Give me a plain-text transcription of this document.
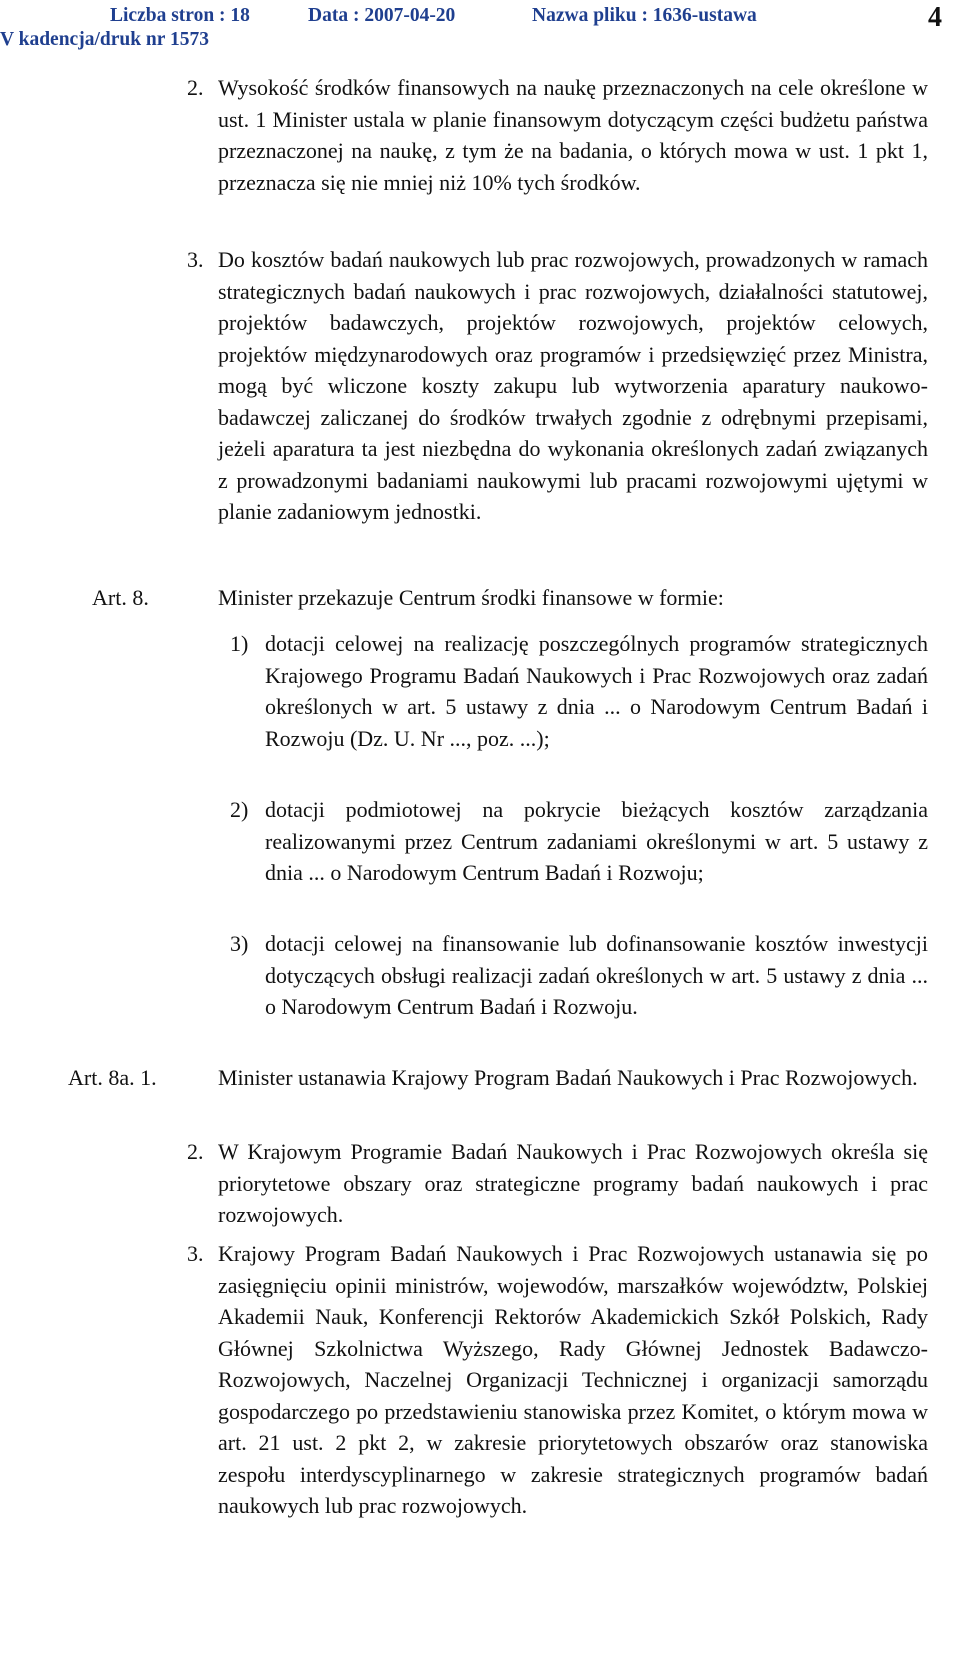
Liczba stron : 18	Data : 2007-04-20	Nazwa pliku : 1636-ustawa
V kadencja/druk nr 1573
4
2. Wysokość środków finansowych na naukę przeznaczonych na cele określone w ust. 1 Minister ustala w planie finansowym dotyczącym części budżetu państwa przeznaczonej na naukę, z tym że na badania, o których mowa w ust. 1 pkt 1, przeznacza się nie mniej niż 10% tych środków.
3. Do kosztów badań naukowych lub prac rozwojowych, prowadzonych w ramach strategicznych badań naukowych i prac rozwojowych, działalności statutowej, projektów badawczych, projektów rozwojowych, projektów celowych, projektów międzynarodowych oraz programów i przedsięwzięć przez Ministra, mogą być wliczone koszty zakupu lub wytworzenia aparatury naukowo-badawczej zaliczanej do środków trwałych zgodnie z odrębnymi przepisami, jeżeli aparatura ta jest niezbędna do wykonania określonych zadań związanych z prowadzonymi badaniami naukowymi lub pracami rozwojowymi ujętymi w planie zadaniowym jednostki.
Art. 8.	Minister przekazuje Centrum środki finansowe w formie:
1) dotacji celowej na realizację poszczególnych programów strategicznych Krajowego Programu Badań Naukowych i Prac Rozwojowych oraz zadań określonych w art. 5 ustawy z dnia ... o Narodowym Centrum Badań i Rozwoju (Dz. U. Nr ..., poz. ...);
2) dotacji podmiotowej na pokrycie bieżących kosztów zarządzania realizowanymi przez Centrum zadaniami określonymi w art. 5 ustawy z dnia ... o Narodowym Centrum Badań i Rozwoju;
3) dotacji celowej na finansowanie lub dofinansowanie kosztów inwestycji dotyczących obsługi realizacji zadań określonych w art. 5 ustawy z dnia ... o Narodowym Centrum Badań i Rozwoju.
Art. 8a. 1.	Minister ustanawia Krajowy Program Badań Naukowych i Prac Rozwojowych.
2. W Krajowym Programie Badań Naukowych i Prac Rozwojowych określa się priorytetowe obszary oraz strategiczne programy badań naukowych i prac rozwojowych.
3. Krajowy Program Badań Naukowych i Prac Rozwojowych ustanawia się po zasięgnięciu opinii ministrów, wojewodów, marszałków województw, Polskiej Akademii Nauk, Konferencji Rektorów Akademickich Szkół Polskich, Rady Głównej Szkolnictwa Wyższego, Rady Głównej Jednostek Badawczo-Rozwojowych, Naczelnej Organizacji Technicznej i organizacji samorządu gospodarczego po przedstawieniu stanowiska przez Komitet, o którym mowa w art. 21 ust. 2 pkt 2, w zakresie priorytetowych obszarów oraz stanowiska zespołu interdyscyplinarnego w zakresie strategicznych programów badań naukowych lub prac rozwojowych.
